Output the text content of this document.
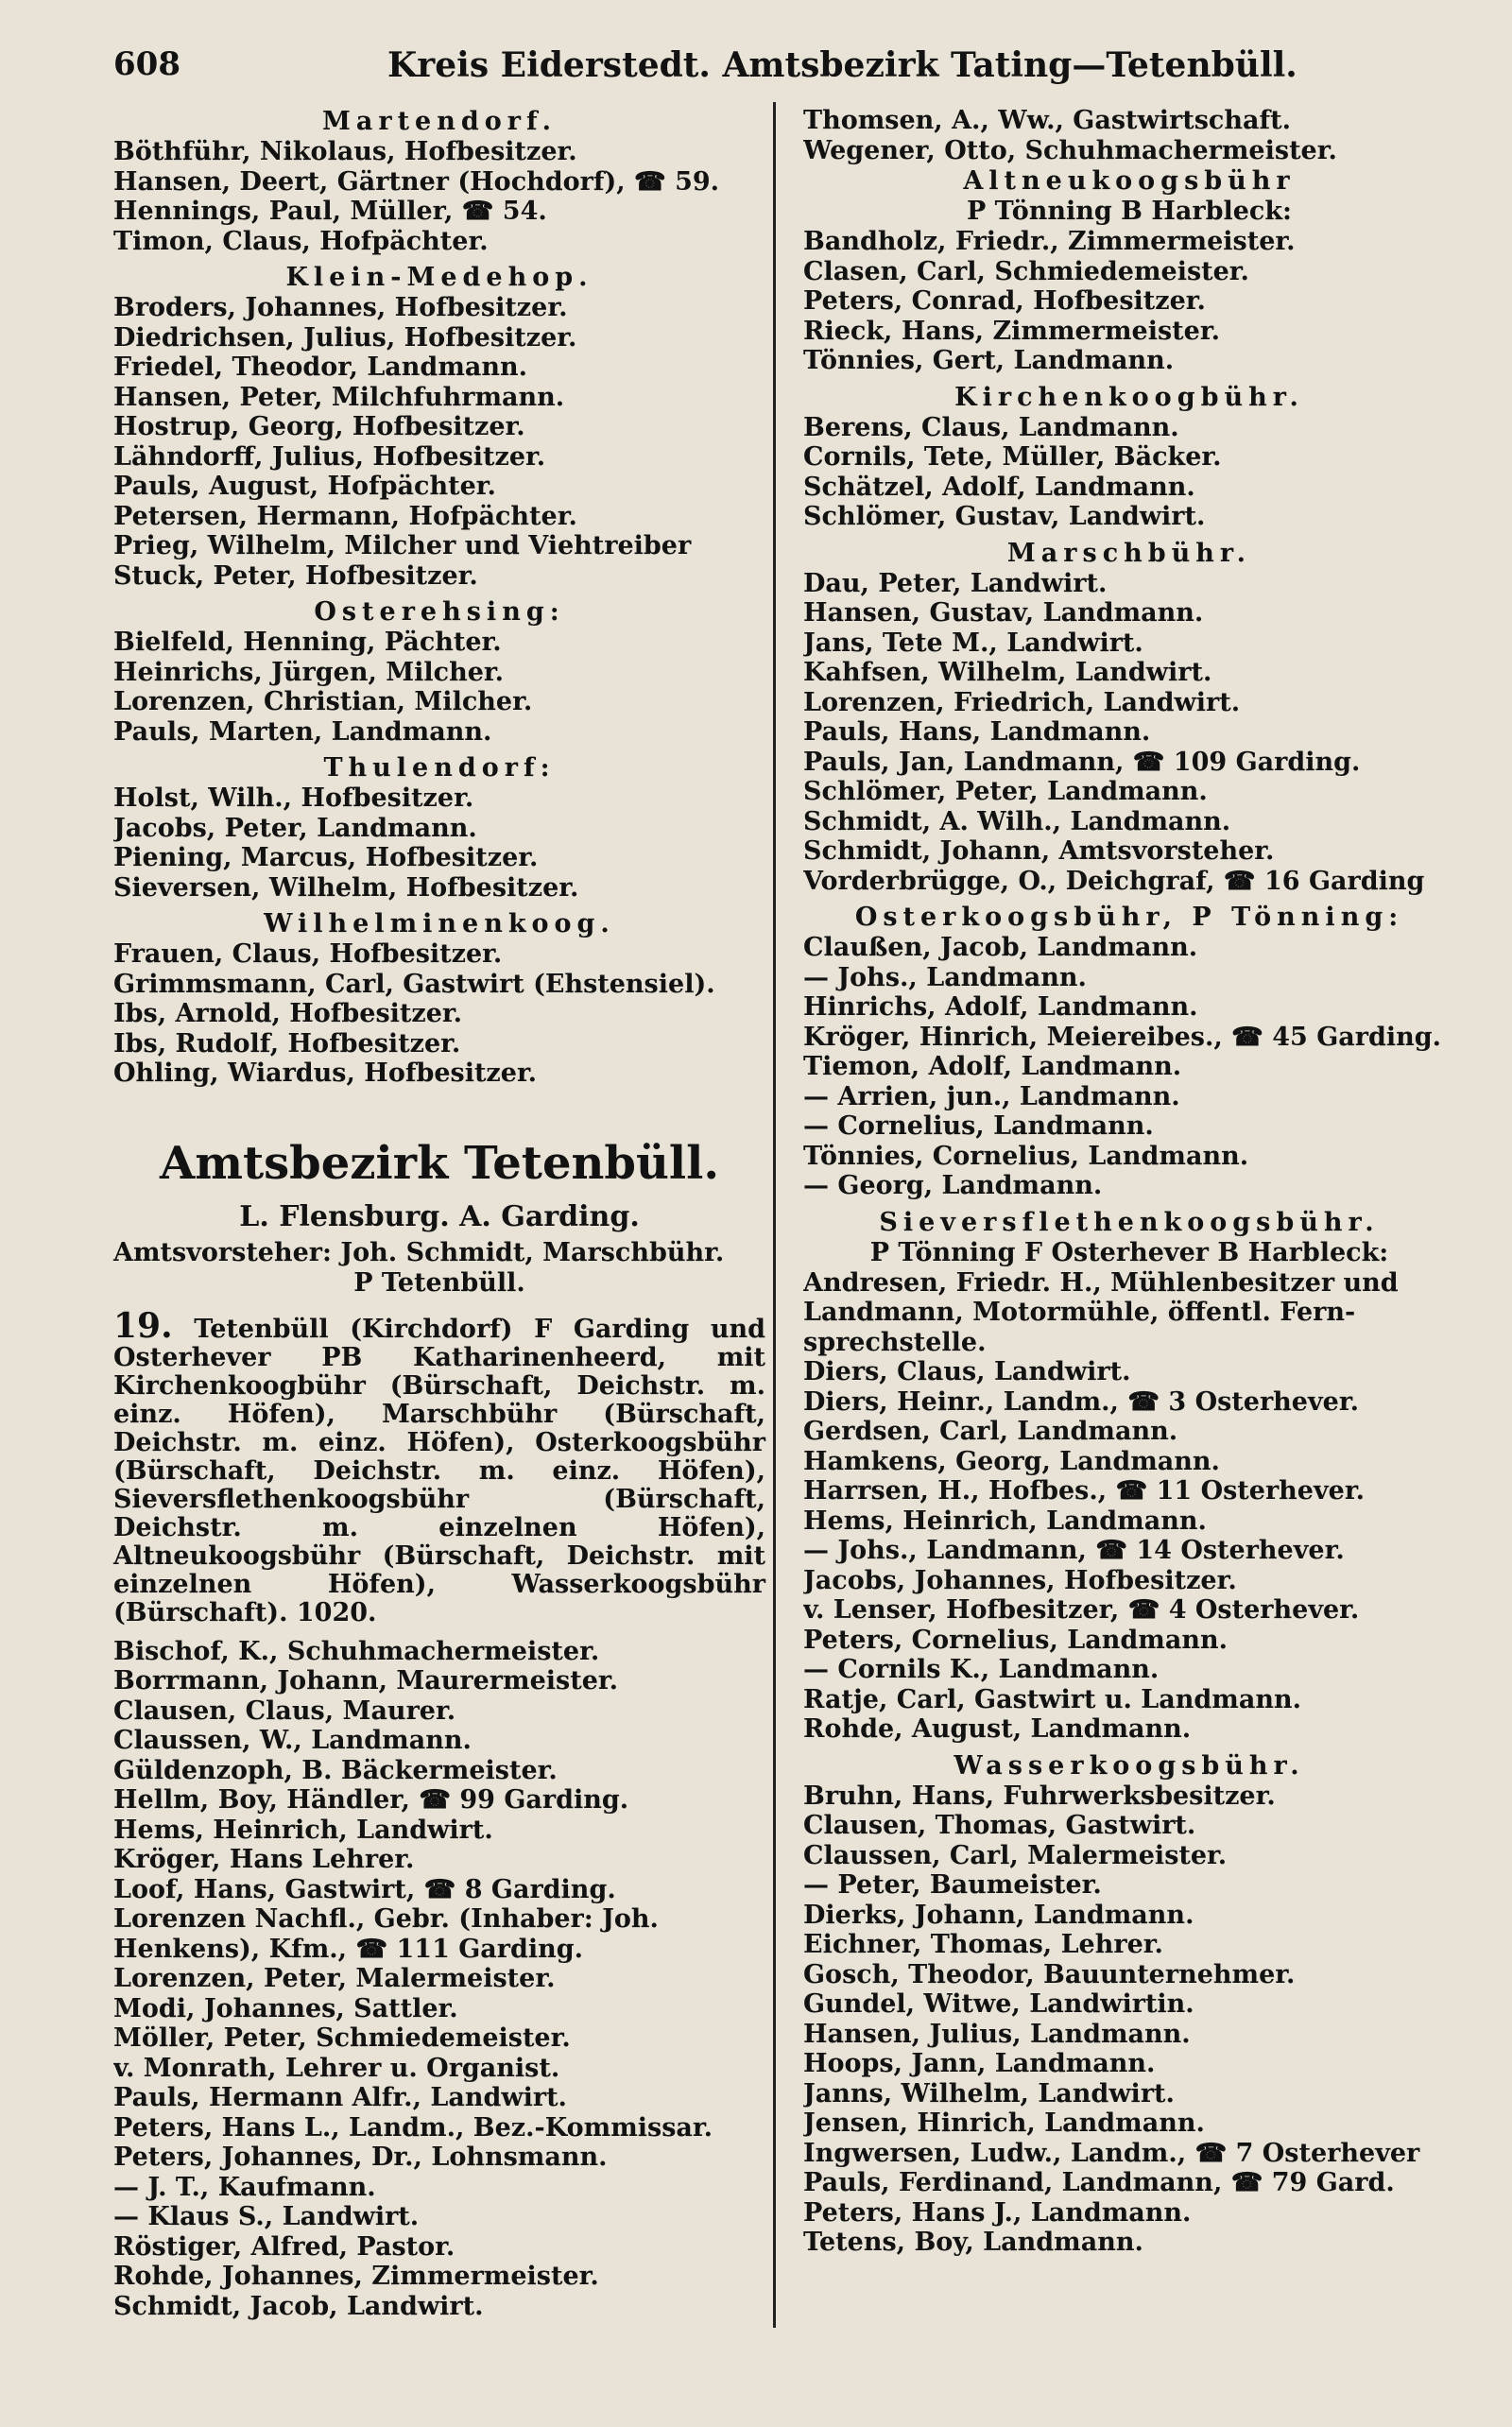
608	Kreis Eiderstedt. Amtsbezirk Tating—Tetenbüll.
Martendorf.
Böthführ, Nikolaus, Hofbesitzer.
Hansen, Deert, Gärtner (Hochdorf), ☎ 59.
Hennings, Paul, Müller, ☎ 54.
Timon, Claus, Hofpächter.
Klein-Medehop.
Broders, Johannes, Hofbesitzer.
Diedrichsen, Julius, Hofbesitzer.
Friedel, Theodor, Landmann.
Hansen, Peter, Milchfuhrmann.
Hostrup, Georg, Hofbesitzer.
Lähndorff, Julius, Hofbesitzer.
Pauls, August, Hofpächter.
Petersen, Hermann, Hofpächter.
Prieg, Wilhelm, Milcher und Viehtreiber
Stuck, Peter, Hofbesitzer.
Osterehsing:
Bielfeld, Henning, Pächter.
Heinrichs, Jürgen, Milcher.
Lorenzen, Christian, Milcher.
Pauls, Marten, Landmann.
Thulendorf:
Holst, Wilh., Hofbesitzer.
Jacobs, Peter, Landmann.
Piening, Marcus, Hofbesitzer.
Sieversen, Wilhelm, Hofbesitzer.
Wilhelminenkoog.
Frauen, Claus, Hofbesitzer.
Grimmsmann, Carl, Gastwirt (Ehstensiel).
Ibs, Arnold, Hofbesitzer.
Ibs, Rudolf, Hofbesitzer.
Ohling, Wiardus, Hofbesitzer.
Amtsbezirk Tetenbüll.
L. Flensburg. A. Garding.
Amtsvorsteher: Joh. Schmidt, Marschbühr.
P Tetenbüll.
19. Tetenbüll (Kirchdorf) F Garding und Osterhever PB Katharinenheerd, mit Kirchenkoogbühr (Bürschaft, Deichstr. m. einz. Höfen), Marschbühr (Bürschaft, Deichstr. m. einz. Höfen), Osterkoogsbühr (Bürschaft, Deichstr. m. einz. Höfen), Sieversflethenkoogsbühr (Bürschaft, Deichstr. m. einzelnen Höfen), Altneukoogsbühr (Bürschaft, Deichstr. mit einzelnen Höfen), Wasserkoogsbühr (Bürschaft). 1020.
Bischof, K., Schuhmachermeister.
Borrmann, Johann, Maurermeister.
Clausen, Claus, Maurer.
Claussen, W., Landmann.
Güldenzoph, B. Bäckermeister.
Hellm, Boy, Händler, ☎ 99 Garding.
Hems, Heinrich, Landwirt.
Kröger, Hans Lehrer.
Loof, Hans, Gastwirt, ☎ 8 Garding.
Lorenzen Nachfl., Gebr. (Inhaber: Joh.
Henkens), Kfm., ☎ 111 Garding.
Lorenzen, Peter, Malermeister.
Modi, Johannes, Sattler.
Möller, Peter, Schmiedemeister.
v. Monrath, Lehrer u. Organist.
Pauls, Hermann Alfr., Landwirt.
Peters, Hans L., Landm., Bez.-Kommissar.
Peters, Johannes, Dr., Lohnsmann.
— J. T., Kaufmann.
— Klaus S., Landwirt.
Röstiger, Alfred, Pastor.
Rohde, Johannes, Zimmermeister.
Schmidt, Jacob, Landwirt.
Thomsen, A., Ww., Gastwirtschaft.
Wegener, Otto, Schuhmachermeister.
Altneukoogsbühr
P Tönning B Harbleck:
Bandholz, Friedr., Zimmermeister.
Clasen, Carl, Schmiedemeister.
Peters, Conrad, Hofbesitzer.
Rieck, Hans, Zimmermeister.
Tönnies, Gert, Landmann.
Kirchenkoogbühr.
Berens, Claus, Landmann.
Cornils, Tete, Müller, Bäcker.
Schätzel, Adolf, Landmann.
Schlömer, Gustav, Landwirt.
Marschbühr.
Dau, Peter, Landwirt.
Hansen, Gustav, Landmann.
Jans, Tete M., Landwirt.
Kahfsen, Wilhelm, Landwirt.
Lorenzen, Friedrich, Landwirt.
Pauls, Hans, Landmann.
Pauls, Jan, Landmann, ☎ 109 Garding.
Schlömer, Peter, Landmann.
Schmidt, A. Wilh., Landmann.
Schmidt, Johann, Amtsvorsteher.
Vorderbrügge, O., Deichgraf, ☎ 16 Garding
Osterkoogsbühr, P Tönning:
Claußen, Jacob, Landmann.
— Johs., Landmann.
Hinrichs, Adolf, Landmann.
Kröger, Hinrich, Meiereibes., ☎ 45 Garding.
Tiemon, Adolf, Landmann.
— Arrien, jun., Landmann.
— Cornelius, Landmann.
Tönnies, Cornelius, Landmann.
— Georg, Landmann.
Sieversflethenkoogsbühr.
P Tönning F Osterhever B Harbleck:
Andresen, Friedr. H., Mühlenbesitzer und
Landmann, Motormühle, öffentl. Fern-
sprechstelle.
Diers, Claus, Landwirt.
Diers, Heinr., Landm., ☎ 3 Osterhever.
Gerdsen, Carl, Landmann.
Hamkens, Georg, Landmann.
Harrsen, H., Hofbes., ☎ 11 Osterhever.
Hems, Heinrich, Landmann.
— Johs., Landmann, ☎ 14 Osterhever.
Jacobs, Johannes, Hofbesitzer.
v. Lenser, Hofbesitzer, ☎ 4 Osterhever.
Peters, Cornelius, Landmann.
— Cornils K., Landmann.
Ratje, Carl, Gastwirt u. Landmann.
Rohde, August, Landmann.
Wasserkoogsbühr.
Bruhn, Hans, Fuhrwerksbesitzer.
Clausen, Thomas, Gastwirt.
Claussen, Carl, Malermeister.
— Peter, Baumeister.
Dierks, Johann, Landmann.
Eichner, Thomas, Lehrer.
Gosch, Theodor, Bauunternehmer.
Gundel, Witwe, Landwirtin.
Hansen, Julius, Landmann.
Hoops, Jann, Landmann.
Janns, Wilhelm, Landwirt.
Jensen, Hinrich, Landmann.
Ingwersen, Ludw., Landm., ☎ 7 Osterhever
Pauls, Ferdinand, Landmann, ☎ 79 Gard.
Peters, Hans J., Landmann.
Tetens, Boy, Landmann.
